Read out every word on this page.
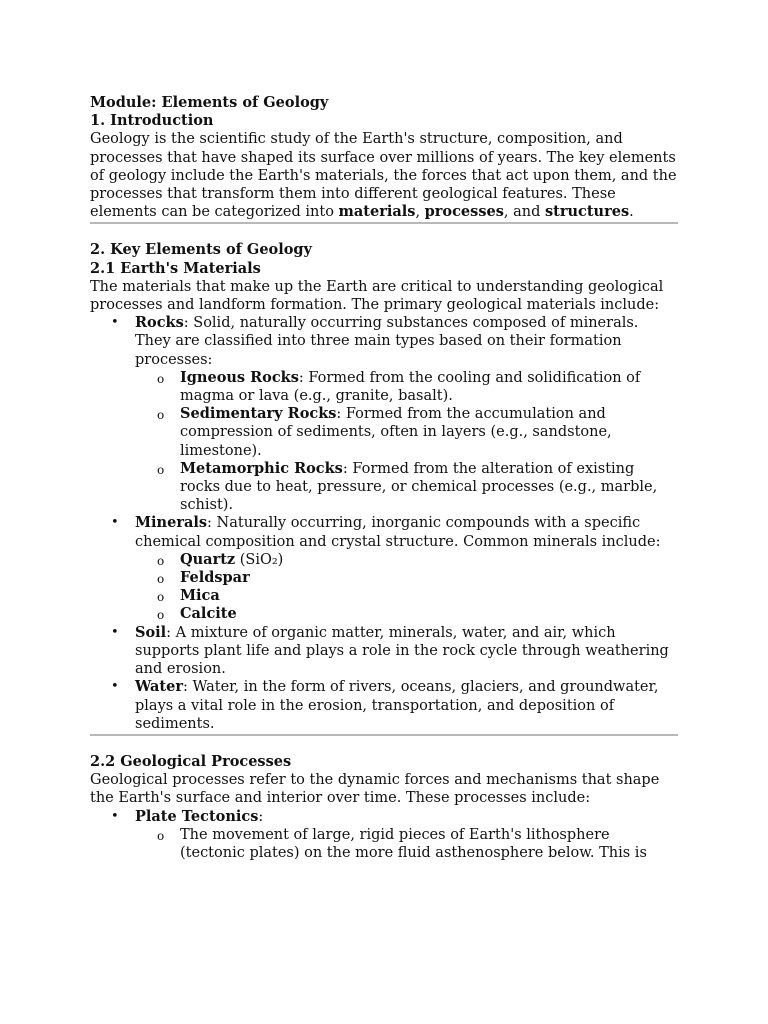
Module: Elements of Geology
1. Introduction

Geology is the scientific study of the Earth's structure, composition, and processes that have shaped its surface over millions of years. The key elements of geology include the Earth's materials, the forces that act upon them, and the processes that transform them into different geological features. These elements can be categorized into materials, processes, and structures.

2. Key Elements of Geology
2.1 Earth's Materials

The materials that make up the Earth are critical to understanding geological processes and landform formation. The primary geological materials include:

• Rocks: Solid, naturally occurring substances composed of minerals. They are classified into three main types based on their formation processes:
o Igneous Rocks: Formed from the cooling and solidification of magma or lava (e.g., granite, basalt).
o Sedimentary Rocks: Formed from the accumulation and compression of sediments, often in layers (e.g., sandstone, limestone).
o Metamorphic Rocks: Formed from the alteration of existing rocks due to heat, pressure, or chemical processes (e.g., marble, schist).
• Minerals: Naturally occurring, inorganic compounds with a specific chemical composition and crystal structure. Common minerals include:
o Quartz (SiO₂)
o Feldspar
o Mica
o Calcite
• Soil: A mixture of organic matter, minerals, water, and air, which supports plant life and plays a role in the rock cycle through weathering and erosion.
• Water: Water, in the form of rivers, oceans, glaciers, and groundwater, plays a vital role in the erosion, transportation, and deposition of sediments.
2.2 Geological Processes

Geological processes refer to the dynamic forces and mechanisms that shape the Earth's surface and interior over time. These processes include:

• Plate Tectonics:
o The movement of large, rigid pieces of Earth's lithosphere (tectonic plates) on the more fluid asthenosphere below. This is
